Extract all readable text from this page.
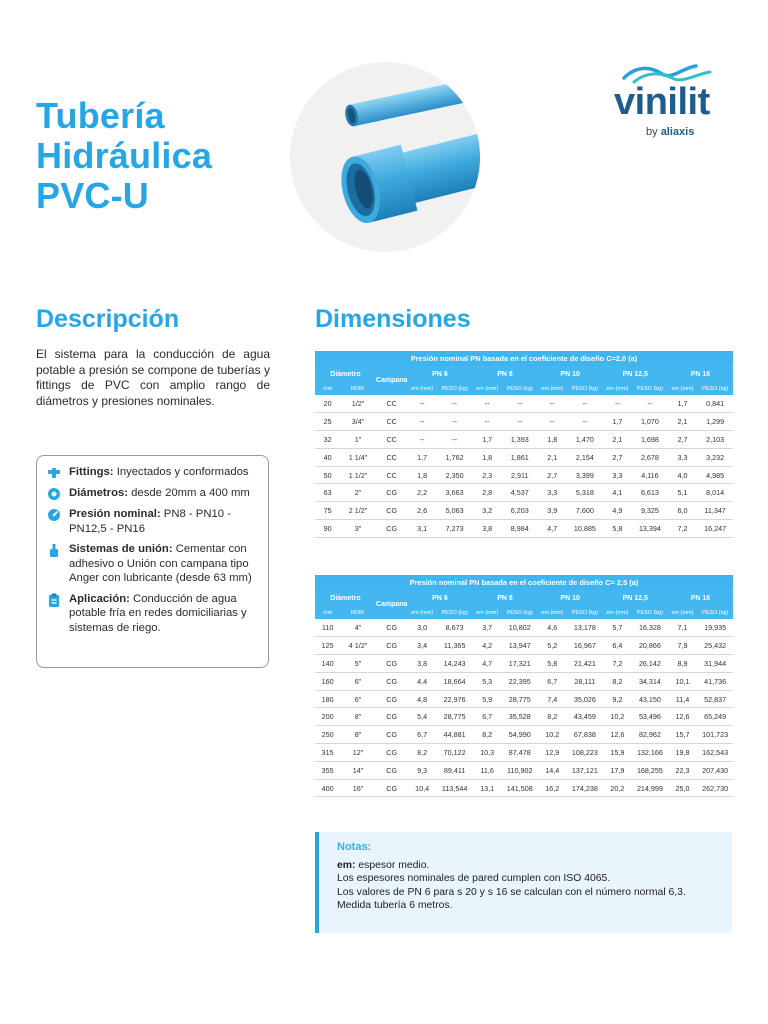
Tubería
Hidráulica
PVC-U
vinilit
by aliaxis
Descripción

El sistema para la conducción de agua potable a presión se compone de tuberías y fittings de PVC con amplio rango de diámetros y presiones nominales.

Fittings: Inyectados y conformados
Diámetros: desde 20mm a 400 mm
Presión nominal: PN8 - PN10 - PN12,5 - PN16
Sistemas de unión: Cementar con adhesivo o Unión con campana tipo Anger con lubricante (desde 63 mm)
Aplicación: Conducción de agua potable fría en redes domiciliarias y sistemas de riego.
Dimensiones
Presión nominal PN basada en el coeficiente de diseño C=2,0 (a)
Diámetro		Campana	PN 6		PN 8		PN 10		PN 12,5		PN 16	
mm	NOM.		em (mm)	PESO (kg)	em (mm)	PESO (kg)	em (mm)	PESO (kg)	em (mm)	PESO (kg)	em (mm)	PESO (kg)
20	1/2"	CC	--	--	--	--	--	--	--	--	1,7	0,841
25	3/4"	CC	--	--	--	--	--	--	1,7	1,070	2,1	1,299
32	1"	CC	--	--	1,7	1,393	1,8	1,470	2,1	1,698	2,7	2,103
40	1 1/4"	CC	1,7	1,762	1,8	1,861	2,1	2,154	2,7	2,678	3,3	3,232
50	1 1/2"	CC	1,8	2,350	2,3	2,911	2,7	3,399	3,3	4,116	4,0	4,985
63	2"	CG	2,2	3,663	2,8	4,537	3,3	5,318	4,1	6,613	5,1	8,014
75	2 1/2"	CG	2,6	5,063	3,2	6,203	3,9	7,600	4,9	9,325	6,0	11,347
90	3"	CG	3,1	7,273	3,8	8,984	4,7	10,885	5,8	13,394	7,2	16,247
Presión nominal PN basada en el coeficiente de diseño C= 2,5 (a)
Diámetro		Campana	PN 6		PN 8		PN 10		PN 12,5		PN 16	
mm	NOM.		em (mm)	PESO (kg)	em (mm)	PESO (kg)	em (mm)	PESO (kg)	em (mm)	PESO (kg)	em (mm)	PESO (kg)
110	4"	CG	3,0	8,673	3,7	10,802	4,6	13,178	5,7	16,328	7,1	19,935
125	4 1/2"	CG	3,4	11,365	4,2	13,947	5,2	16,967	6,4	20,866	7,9	25,432
140	5"	CG	3,8	14,243	4,7	17,321	5,8	21,421	7,2	26,142	8,9	31,944
160	6"	CG	4,4	18,664	5,3	22,395	6,7	28,111	8,2	34,314	10,1	41,736
180	6"	CG	4,8	22,976	5,9	28,775	7,4	35,026	9,2	43,150	11,4	52,837
200	8"	CG	5,4	28,775	6,7	35,528	8,2	43,459	10,2	53,496	12,6	65,249
250	8"	CG	6,7	44,881	8,2	54,990	10,2	67,838	12,6	82,962	15,7	101,723
315	12"	CG	8,2	70,122	10,3	87,478	12,9	108,223	15,9	132,166	19,8	162,543
355	14"	CG	9,3	89,411	11,6	110,902	14,4	137,121	17,9	168,255	22,3	207,430
400	16"	CG	10,4	113,544	13,1	141,508	16,2	174,238	20,2	214,999	25,0	262,730
Notas:
em: espesor medio.
Los espesores nominales de pared cumplen con ISO 4065.
Los valores de PN 6 para s 20 y s 16 se calculan con el número normal 6,3.
Medida tubería 6 metros.
